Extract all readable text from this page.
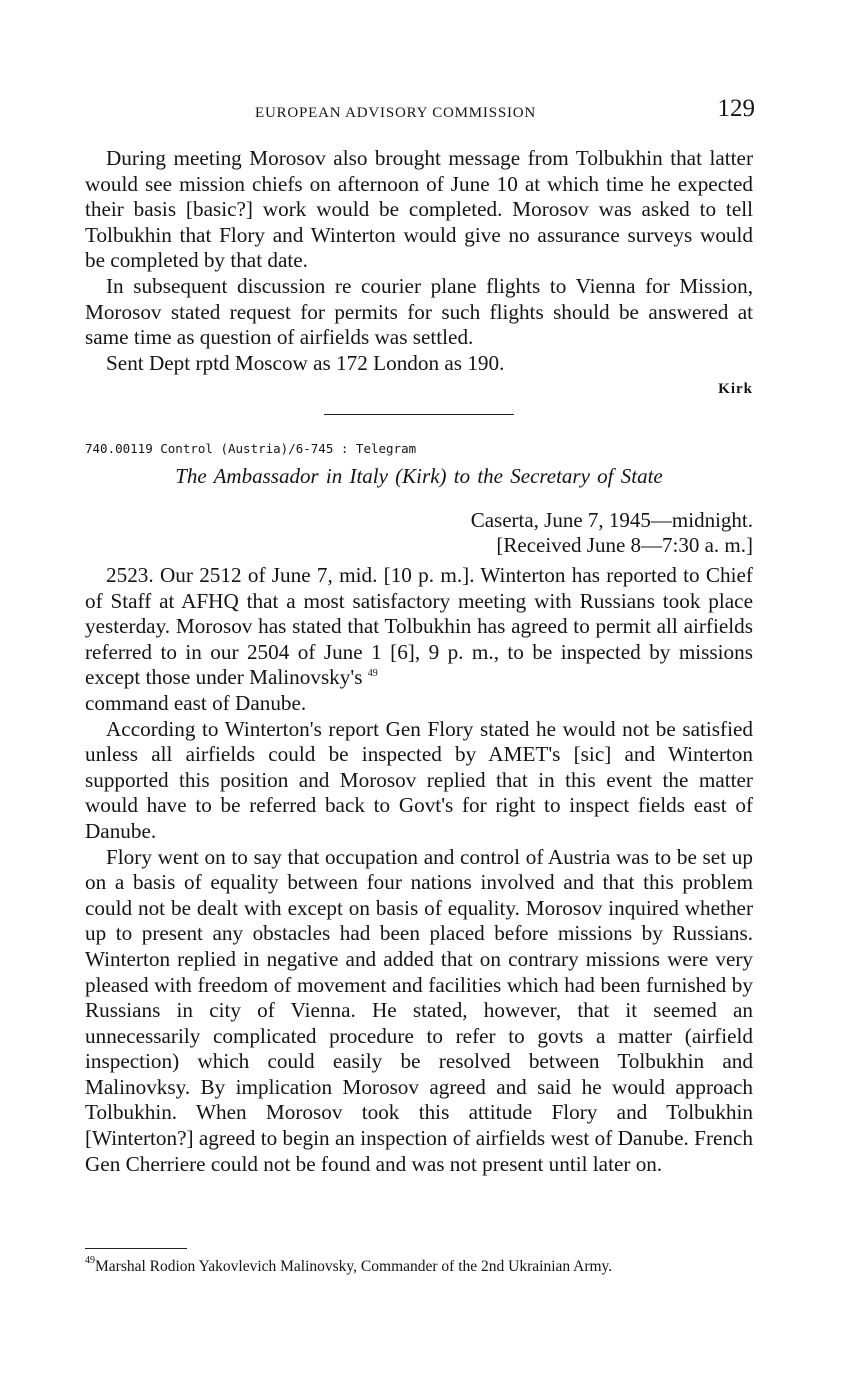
EUROPEAN ADVISORY COMMISSION	129

During meeting Morosov also brought message from Tolbukhin that latter would see mission chiefs on afternoon of June 10 at which time he expected their basis [basic?] work would be completed. Morosov was asked to tell Tolbukhin that Flory and Winterton would give no assurance surveys would be completed by that date.

In subsequent discussion re courier plane flights to Vienna for Mission, Morosov stated request for permits for such flights should be answered at same time as question of airfields was settled.

Sent Dept rptd Moscow as 172 London as 190.

Kirk
740.00119 Control (Austria)/6-745 : Telegram
The Ambassador in Italy (Kirk) to the Secretary of State
Caserta, June 7, 1945—midnight.
[Received June 8—7:30 a. m.]

2523. Our 2512 of June 7, mid. [10 p. m.]. Winterton has reported to Chief of Staff at AFHQ that a most satisfactory meeting with Russians took place yesterday. Morosov has stated that Tolbukhin has agreed to permit all airfields referred to in our 2504 of June 1 [6], 9 p. m., to be inspected by missions except those under Malinovsky's $^{49}$

command east of Danube.

According to Winterton's report Gen Flory stated he would not be satisfied unless all airfields could be inspected by AMET's [sic] and Winterton supported this position and Morosov replied that in this event the matter would have to be referred back to Govt's for right to inspect fields east of Danube.

Flory went on to say that occupation and control of Austria was to be set up on a basis of equality between four nations involved and that this problem could not be dealt with except on basis of equality. Morosov inquired whether up to present any obstacles had been placed before missions by Russians. Winterton replied in negative and added that on contrary missions were very pleased with freedom of movement and facilities which had been furnished by Russians in city of Vienna. He stated, however, that it seemed an unnecessarily complicated procedure to refer to govts a matter (airfield inspection) which could easily be resolved between Tolbukhin and Malinovksy. By implication Morosov agreed and said he would approach Tolbukhin. When Morosov took this attitude Flory and Tolbukhin [Winterton?] agreed to begin an inspection of airfields west of Danube. French Gen Cherriere could not be found and was not present until later on.

$^{49}$Marshal Rodion Yakovlevich Malinovsky, Commander of the 2nd Ukrainian Army.
